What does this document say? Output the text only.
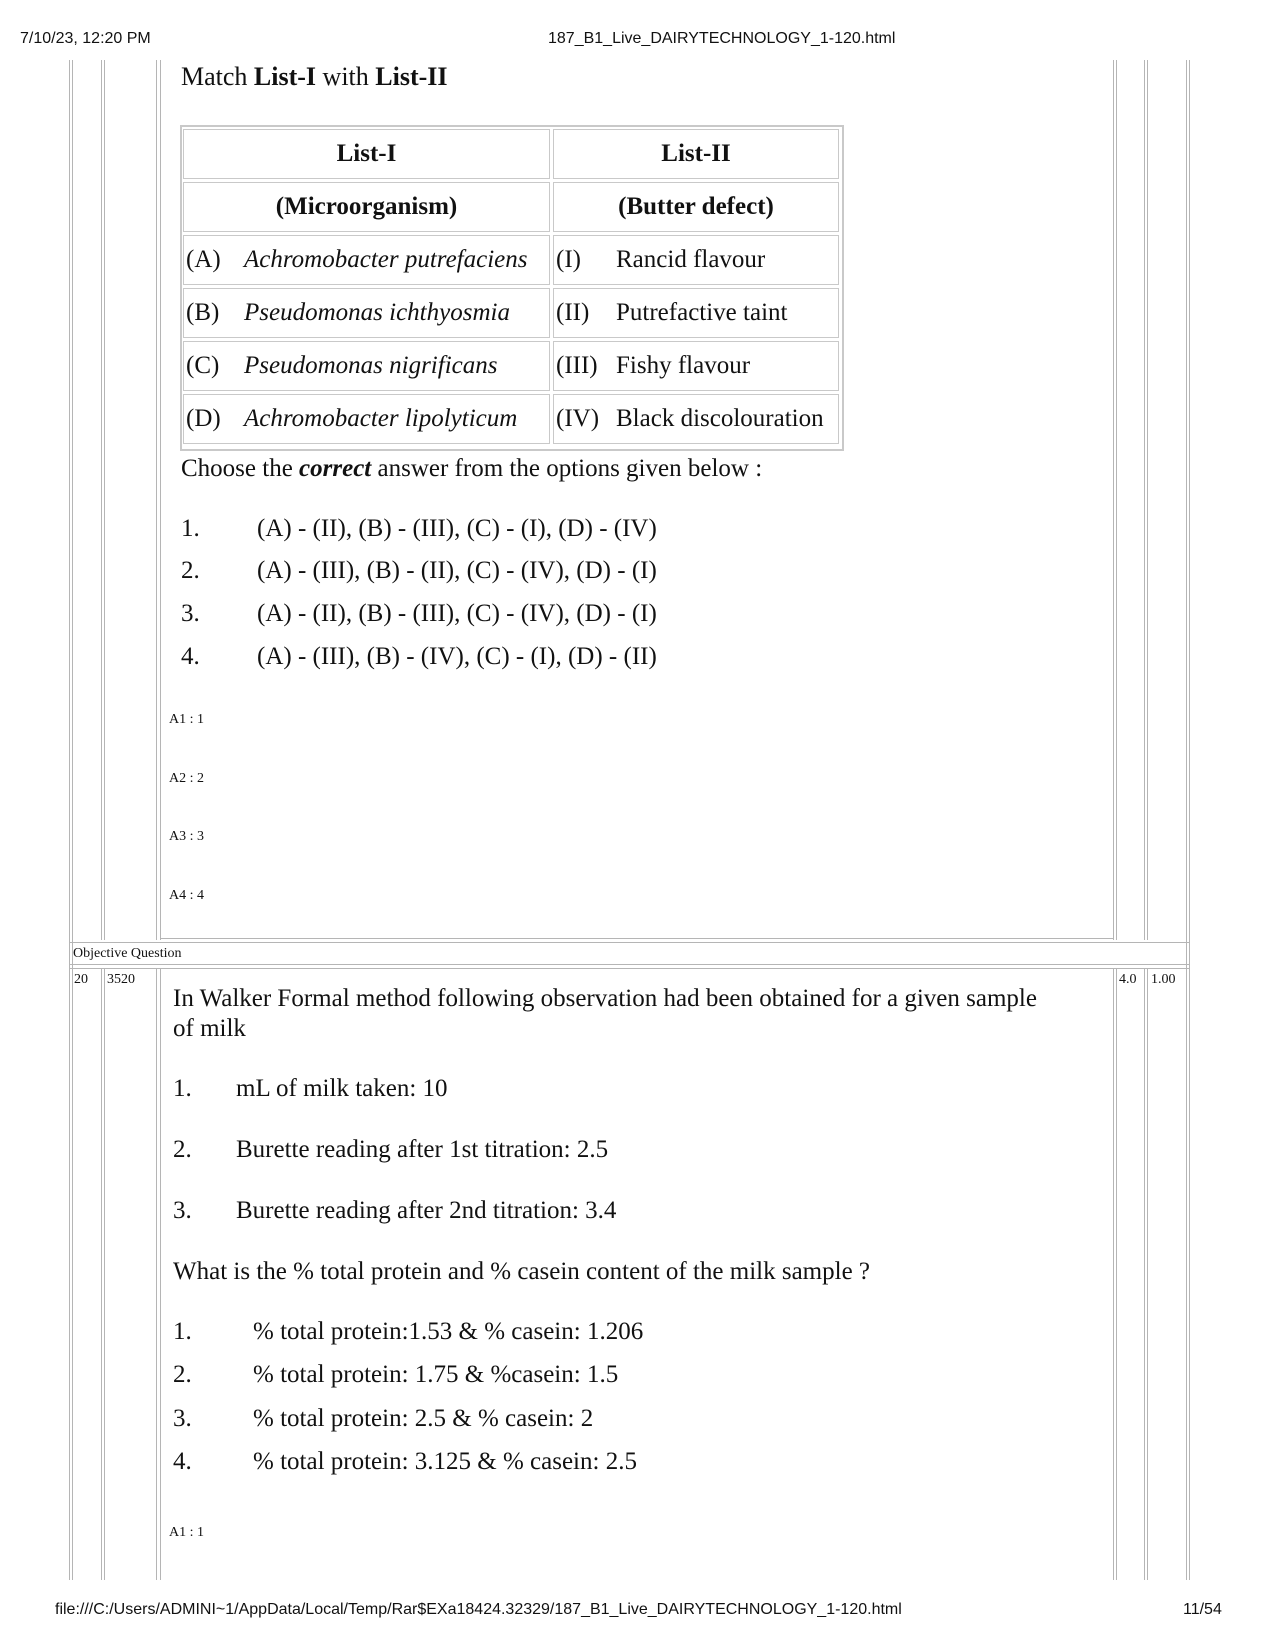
7/10/23, 12:20 PM	187_B1_Live_DAIRYTECHNOLOGY_1-120.html
file:///C:/Users/ADMINI~1/AppData/Local/Temp/Rar$EXa18424.32329/187_B1_Live_DAIRYTECHNOLOGY_1-120.html	11/54
Match List-I with List-II
List-I	List-II
(Microorganism)	(Butter defect)
(A) Achromobacter putrefaciens (I) Rancid flavour
(B) Pseudomonas ichthyosmia (II) Putrefactive taint
(C) Pseudomonas nigrificans (III) Fishy flavour
(D) Achromobacter lipolyticum (IV) Black discolouration
Choose the correct answer from the options given below :
1. (A) - (II), (B) - (III), (C) - (I), (D) - (IV)
2. (A) - (III), (B) - (II), (C) - (IV), (D) - (I)
3. (A) - (II), (B) - (III), (C) - (IV), (D) - (I)
4. (A) - (III), (B) - (IV), (C) - (I), (D) - (II)
A1 : 1
A2 : 2
A3 : 3
A4 : 4
Objective Question
20 3520	4.0 1.00
In Walker Formal method following observation had been obtained for a given sample
of milk
1. mL of milk taken: 10
2. Burette reading after 1st titration: 2.5
3. Burette reading after 2nd titration: 3.4
What is the % total protein and % casein content of the milk sample ?
1. % total protein:1.53 & % casein: 1.206
2. % total protein: 1.75 & %casein: 1.5
3. % total protein: 2.5 & % casein: 2
4. % total protein: 3.125 & % casein: 2.5
A1 : 1
